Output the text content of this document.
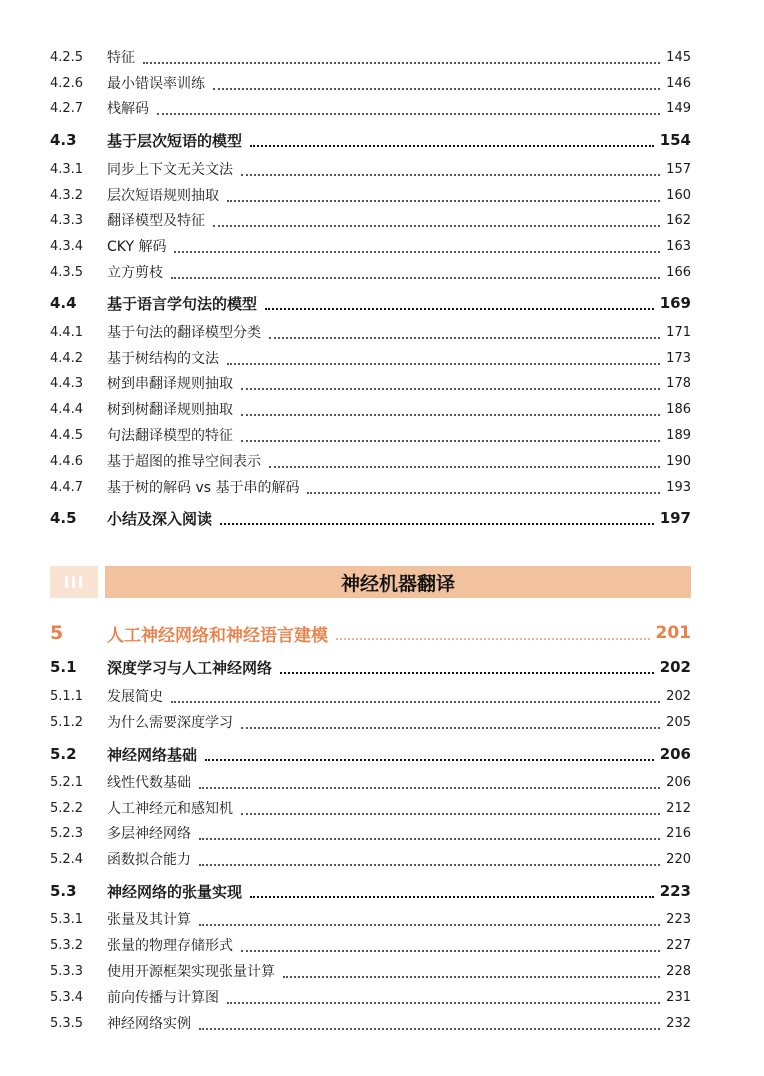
4.2.5	特征	145
4.2.6	最小错误率训练	146
4.2.7	栈解码	149
4.3	基于层次短语的模型	154
4.3.1	同步上下文无关文法	157
4.3.2	层次短语规则抽取	160
4.3.3	翻译模型及特征	162
4.3.4	CKY 解码	163
4.3.5	立方剪枝	166
4.4	基于语言学句法的模型	169
4.4.1	基于句法的翻译模型分类	171
4.4.2	基于树结构的文法	173
4.4.3	树到串翻译规则抽取	178
4.4.4	树到树翻译规则抽取	186
4.4.5	句法翻译模型的特征	189
4.4.6	基于超图的推导空间表示	190
4.4.7	基于树的解码 vs 基于串的解码	193
4.5	小结及深入阅读	197
III	神经机器翻译
5	人工神经网络和神经语言建模	201
5.1	深度学习与人工神经网络	202
5.1.1	发展简史	202
5.1.2	为什么需要深度学习	205
5.2	神经网络基础	206
5.2.1	线性代数基础	206
5.2.2	人工神经元和感知机	212
5.2.3	多层神经网络	216
5.2.4	函数拟合能力	220
5.3	神经网络的张量实现	223
5.3.1	张量及其计算	223
5.3.2	张量的物理存储形式	227
5.3.3	使用开源框架实现张量计算	228
5.3.4	前向传播与计算图	231
5.3.5	神经网络实例	232
